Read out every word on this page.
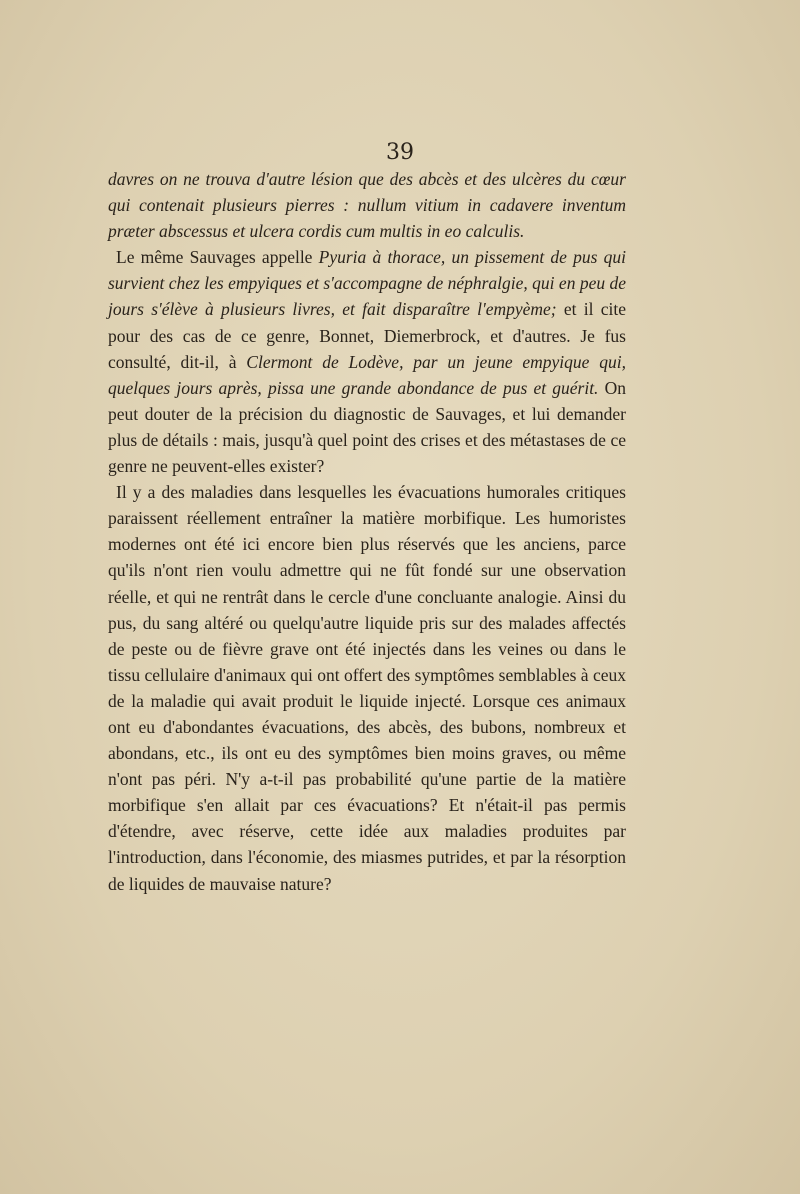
39

davres on ne trouva d'autre lésion que des abcès et des ulcères du cœur qui contenait plusieurs pierres : nullum vitium in cadavere inventum præter abscessus et ulcera cordis cum multis in eo calculis.

Le même Sauvages appelle Pyuria à thorace, un pissement de pus qui survient chez les empyiques et s'accompagne de néphralgie, qui en peu de jours s'élève à plusieurs livres, et fait disparaître l'empyème; et il cite pour des cas de ce genre, Bonnet, Diemerbrock, et d'autres. Je fus consulté, dit-il, à Clermont de Lodève, par un jeune empyique qui, quelques jours après, pissa une grande abondance de pus et guérit. On peut douter de la précision du diagnostic de Sauvages, et lui demander plus de détails : mais, jusqu'à quel point des crises et des métastases de ce genre ne peuvent-elles exister?

Il y a des maladies dans lesquelles les évacuations humorales critiques paraissent réellement entraîner la matière morbifique. Les humoristes modernes ont été ici encore bien plus réservés que les anciens, parce qu'ils n'ont rien voulu admettre qui ne fût fondé sur une observation réelle, et qui ne rentrât dans le cercle d'une concluante analogie. Ainsi du pus, du sang altéré ou quelqu'autre liquide pris sur des malades affectés de peste ou de fièvre grave ont été injectés dans les veines ou dans le tissu cellulaire d'animaux qui ont offert des symptômes semblables à ceux de la maladie qui avait produit le liquide injecté. Lorsque ces animaux ont eu d'abondantes évacuations, des abcès, des bubons, nombreux et abondans, etc., ils ont eu des symptômes bien moins graves, ou même n'ont pas péri. N'y a-t-il pas probabilité qu'une partie de la matière morbifique s'en allait par ces évacuations? Et n'était-il pas permis d'étendre, avec réserve, cette idée aux maladies produites par l'introduction, dans l'économie, des miasmes putrides, et par la résorption de liquides de mauvaise nature?
